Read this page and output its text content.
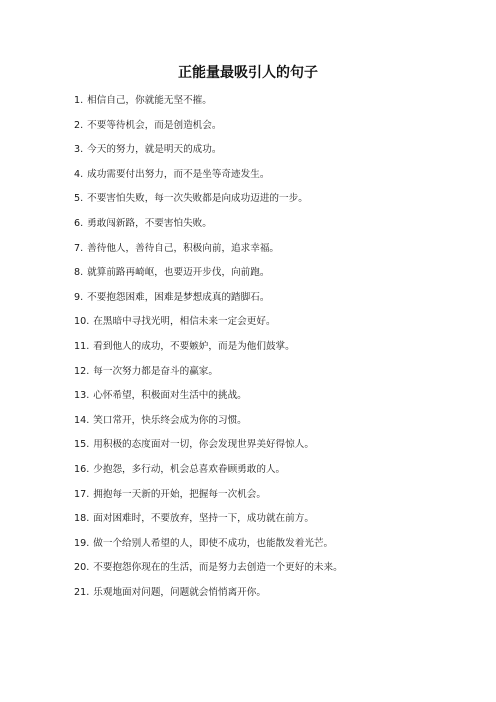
正能量最吸引人的句子
1. 相信自己，你就能无坚不摧。
2. 不要等待机会，而是创造机会。
3. 今天的努力，就是明天的成功。
4. 成功需要付出努力，而不是坐等奇迹发生。
5. 不要害怕失败，每一次失败都是向成功迈进的一步。
6. 勇敢闯新路，不要害怕失败。
7. 善待他人，善待自己，积极向前，追求幸福。
8. 就算前路再崎岖，也要迈开步伐，向前跑。
9. 不要抱怨困难，困难是梦想成真的踏脚石。
10. 在黑暗中寻找光明，相信未来一定会更好。
11. 看到他人的成功，不要嫉妒，而是为他们鼓掌。
12. 每一次努力都是奋斗的赢家。
13. 心怀希望，积极面对生活中的挑战。
14. 笑口常开，快乐终会成为你的习惯。
15. 用积极的态度面对一切，你会发现世界美好得惊人。
16. 少抱怨，多行动，机会总喜欢眷顾勇敢的人。
17. 拥抱每一天新的开始，把握每一次机会。
18. 面对困难时，不要放弃，坚持一下，成功就在前方。
19. 做一个给别人希望的人，即使不成功，也能散发着光芒。
20. 不要抱怨你现在的生活，而是努力去创造一个更好的未来。
21. 乐观地面对问题，问题就会悄悄离开你。
